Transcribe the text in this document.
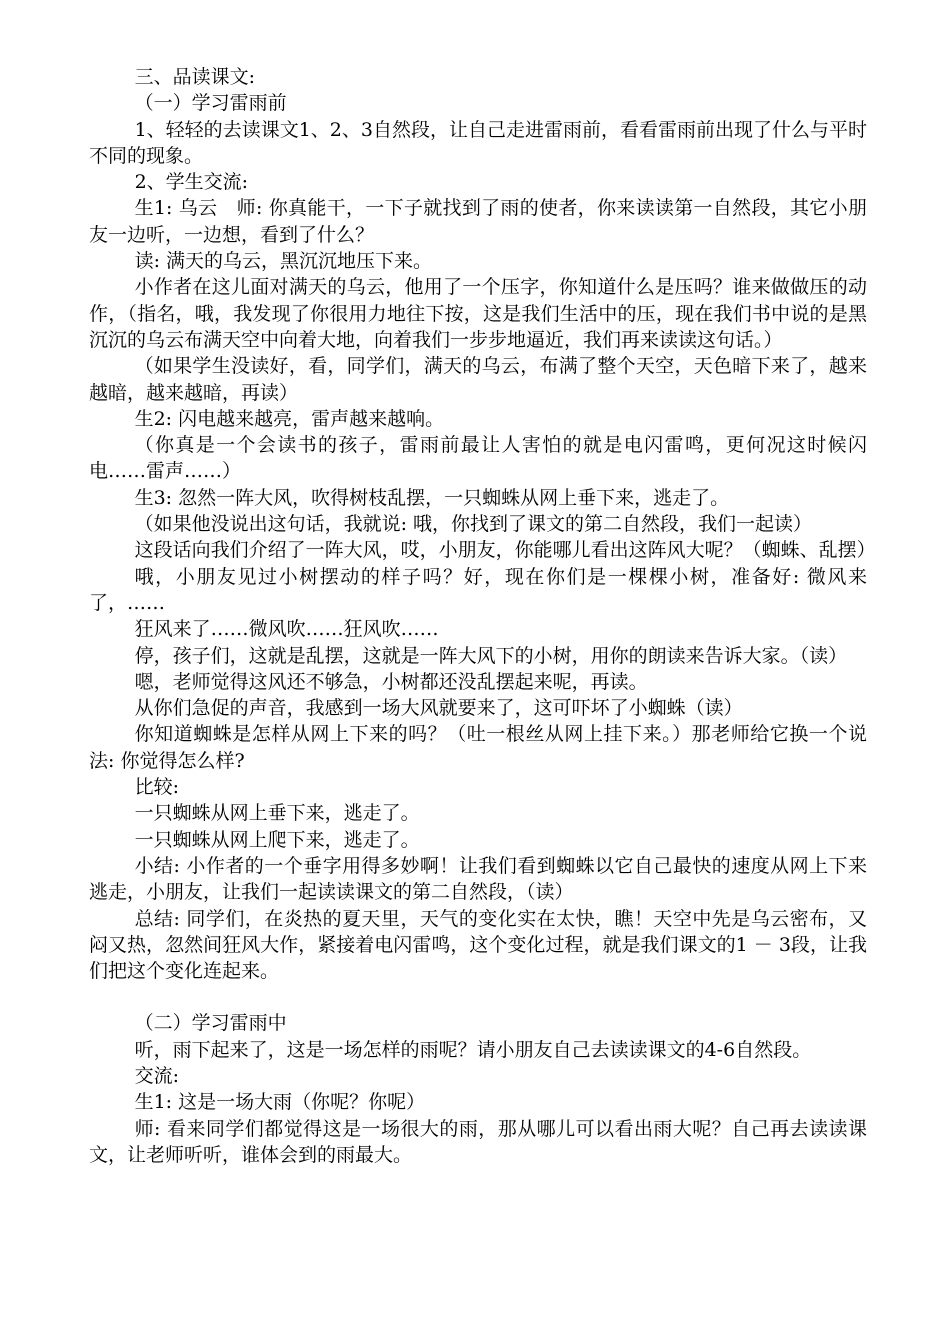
三、品读课文:

（一）学习雷雨前

1、轻轻的去读课文1、2、3自然段，让自己走进雷雨前，看看雷雨前出现了什么与平时不同的现象。

2、学生交流:

生1: 乌云　师: 你真能干，一下子就找到了雨的使者，你来读读第一自然段，其它小朋友一边听，一边想，看到了什么？

读: 满天的乌云，黑沉沉地压下来。

小作者在这儿面对满天的乌云，他用了一个压字，你知道什么是压吗？谁来做做压的动作，（指名，哦，我发现了你很用力地往下按，这是我们生活中的压，现在我们书中说的是黑沉沉的乌云布满天空中向着大地，向着我们一步步地逼近，我们再来读读这句话。）

（如果学生没读好，看，同学们，满天的乌云，布满了整个天空，天色暗下来了，越来越暗，越来越暗，再读）

生2: 闪电越来越亮，雷声越来越响。

（你真是一个会读书的孩子，雷雨前最让人害怕的就是电闪雷鸣，更何况这时候闪电……雷声……）

生3: 忽然一阵大风，吹得树枝乱摆，一只蜘蛛从网上垂下来，逃走了。

（如果他没说出这句话，我就说: 哦，你找到了课文的第二自然段，我们一起读）

这段话向我们介绍了一阵大风，哎，小朋友，你能哪儿看出这阵风大呢？（蜘蛛、乱摆）

哦，小朋友见过小树摆动的样子吗？好，现在你们是一棵棵小树，准备好: 微风来了，……

狂风来了……微风吹……狂风吹……

停，孩子们，这就是乱摆，这就是一阵大风下的小树，用你的朗读来告诉大家。（读）

嗯，老师觉得这风还不够急，小树都还没乱摆起来呢，再读。

从你们急促的声音，我感到一场大风就要来了，这可吓坏了小蜘蛛（读）

你知道蜘蛛是怎样从网上下来的吗？（吐一根丝从网上挂下来。）那老师给它换一个说法: 你觉得怎么样?

比较:

一只蜘蛛从网上垂下来，逃走了。

一只蜘蛛从网上爬下来，逃走了。

小结: 小作者的一个垂字用得多妙啊！让我们看到蜘蛛以它自己最快的速度从网上下来逃走，小朋友，让我们一起读读课文的第二自然段，（读）

总结: 同学们，在炎热的夏天里，天气的变化实在太快，瞧！天空中先是乌云密布，又闷又热，忽然间狂风大作，紧接着电闪雷鸣，这个变化过程，就是我们课文的1 － 3段，让我们把这个变化连起来。

（二）学习雷雨中

听，雨下起来了，这是一场怎样的雨呢？请小朋友自己去读读课文的4-6自然段。

交流:

生1: 这是一场大雨（你呢？你呢）

师: 看来同学们都觉得这是一场很大的雨，那从哪儿可以看出雨大呢？自己再去读读课文，让老师听听，谁体会到的雨最大。
